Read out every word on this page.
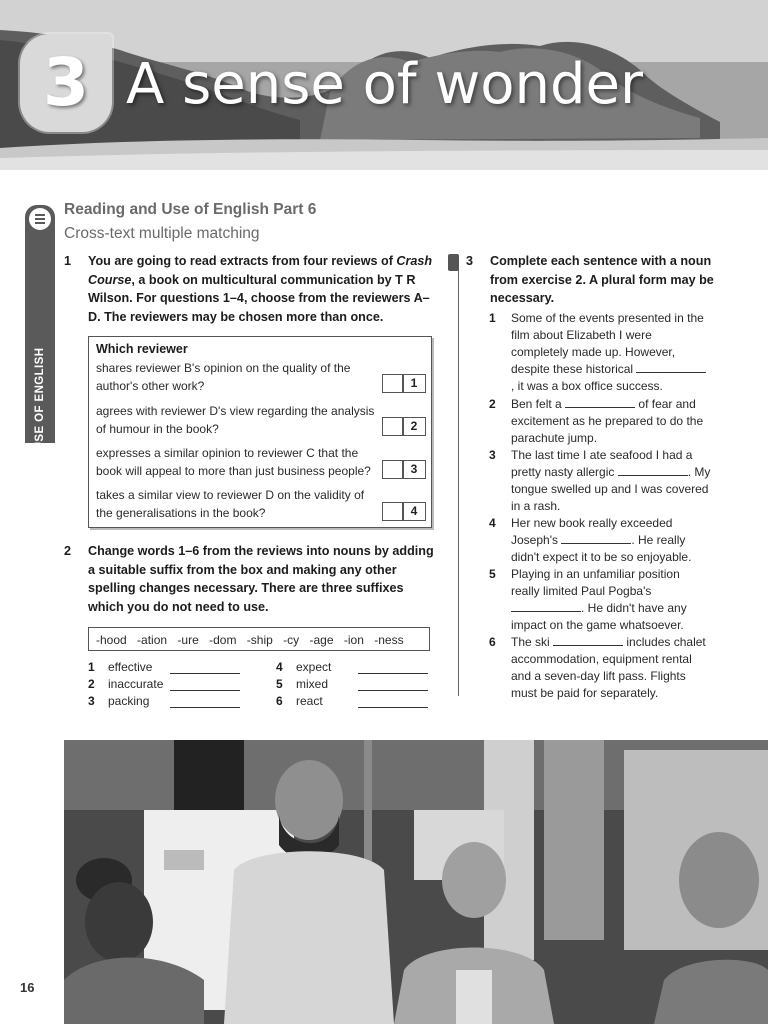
3 A sense of wonder
READING AND USE OF ENGLISH
Reading and Use of English Part 6
Cross-text multiple matching
1 You are going to read extracts from four reviews of Crash Course, a book on multicultural communication by T R Wilson. For questions 1–4, choose from the reviewers A–D. The reviewers may be chosen more than once.
Which reviewer
shares reviewer B's opinion on the quality of the
author's other work?	1
agrees with reviewer D's view regarding the analysis
of humour in the book?	2
expresses a similar opinion to reviewer C that the
book will appeal to more than just business people?	3
takes a similar view to reviewer D on the validity of
the generalisations in the book?	4
2 Change words 1–6 from the reviews into nouns by adding a suitable suffix from the box and making any other spelling changes necessary. There are three suffixes which you do not need to use.
-hood -ation -ure -dom -ship -cy -age -ion -ness
1 effective
2 inaccurate
3 packing
4 expect
5 mixed
6 react
3 Complete each sentence with a noun from exercise 2. A plural form may be necessary.
1 Some of the events presented in the film about Elizabeth I were completely made up. However, despite these historical  , it was a box office success.
2 Ben felt a	of fear and excitement as he prepared to do the parachute jump.
3 The last time I ate seafood I had a pretty nasty allergic	. My tongue swelled up and I was covered in a rash.
4 Her new book really exceeded Joseph's	. He really didn't expect it to be so enjoyable.
5 Playing in an unfamiliar position really limited Paul Pogba's . He didn't have any impact on the game whatsoever.
6 The ski	includes chalet accommodation, equipment rental and a seven-day lift pass. Flights must be paid for separately.
16
